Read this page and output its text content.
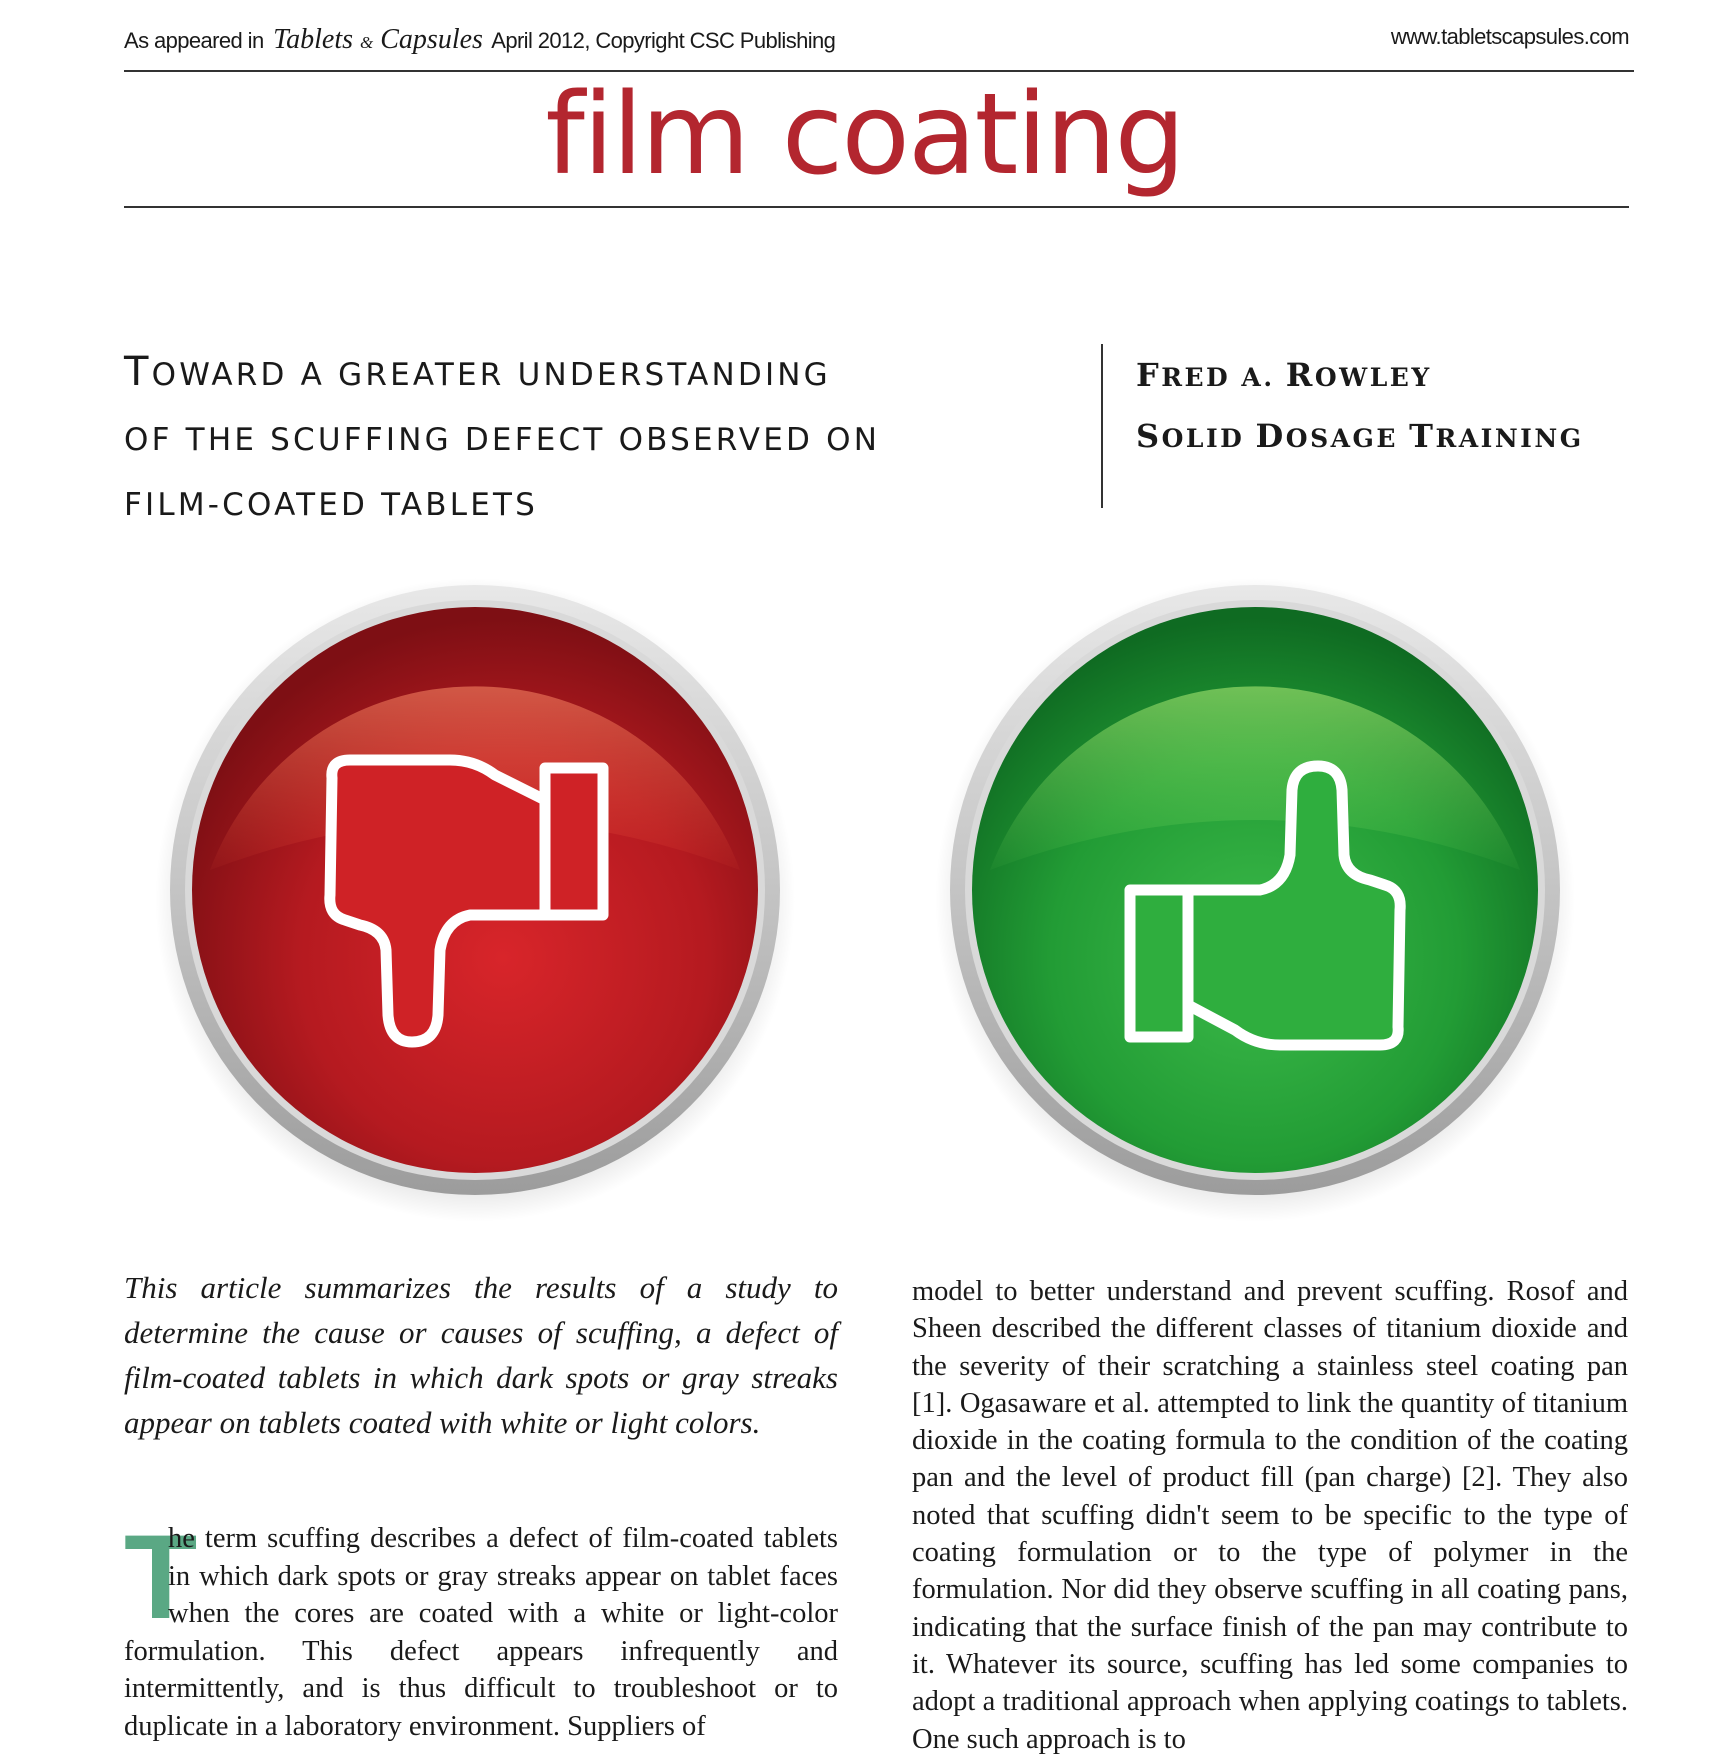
As appeared in Tablets & Capsules April 2012, Copyright CSC Publishing	www.tabletscapsules.com
film coating
TOWARD A GREATER UNDERSTANDING
OF THE SCUFFING DEFECT OBSERVED ON
FILM-COATED TABLETS
FRED A. ROWLEY
SOLID DOSAGE TRAINING
This article summarizes the results of a study to determine the cause or causes of scuffing, a defect of film-coated tablets in which dark spots or gray streaks appear on tablets coated with white or light colors.
T
he term scuffing describes a defect of film-coated tablets in which dark spots or gray streaks appear on tablet faces when the cores are coated with a white or light-color formulation. This defect appears infrequently and intermittently, and is thus difficult to troubleshoot or to duplicate in a laboratory environment. Suppliers of
model to better understand and prevent scuffing. Rosof and Sheen described the different classes of titanium dioxide and the severity of their scratching a stainless steel coating pan [1]. Ogasaware et al. attempted to link the quantity of titanium dioxide in the coating formula to the condition of the coating pan and the level of product fill (pan charge) [2]. They also noted that scuffing didn't seem to be specific to the type of coating formulation or to the type of polymer in the formulation. Nor did they observe scuffing in all coating pans, indicating that the surface finish of the pan may contribute to it. Whatever its source, scuffing has led some companies to adopt a traditional approach when applying coatings to tablets. One such approach is to
